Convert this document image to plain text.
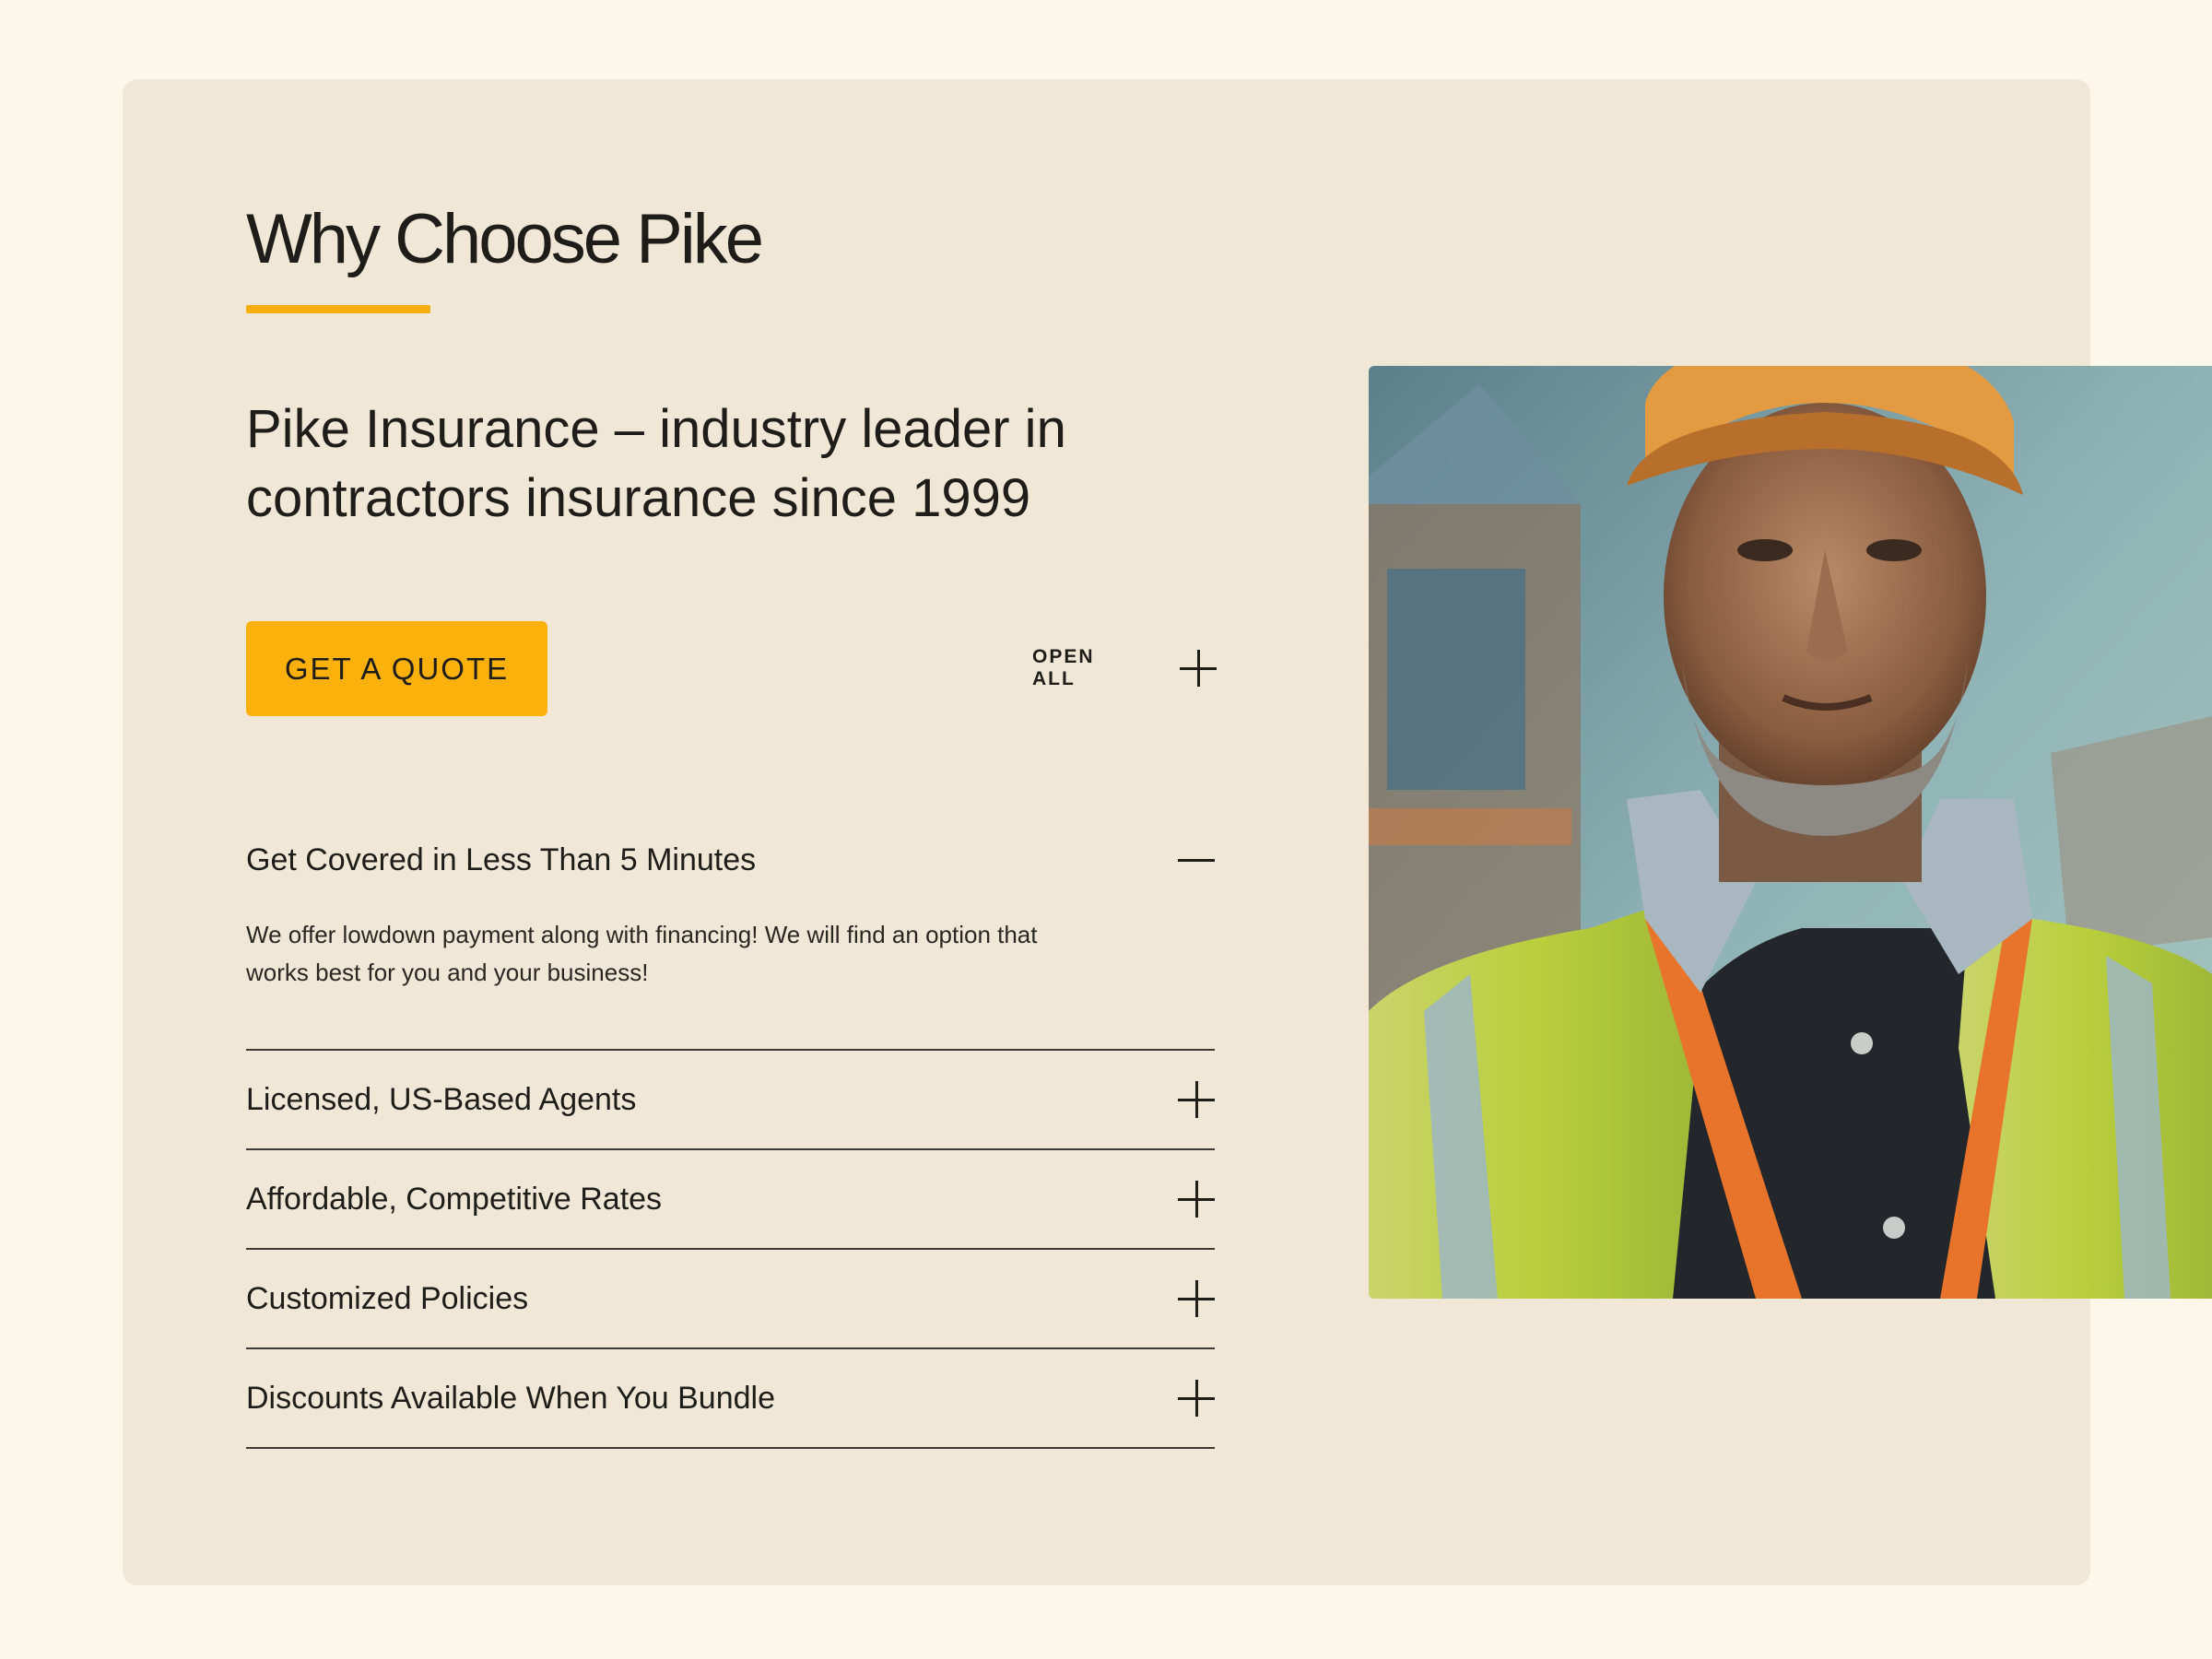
Why Choose Pike
Pike Insurance – industry leader in contractors insurance since 1999
GET A QUOTE	OPEN ALL
Get Covered in Less Than 5 Minutes
We offer lowdown payment along with financing! We will find an option that works best for you and your business!
Licensed, US-Based Agents
Affordable, Competitive Rates
Customized Policies
Discounts Available When You Bundle
